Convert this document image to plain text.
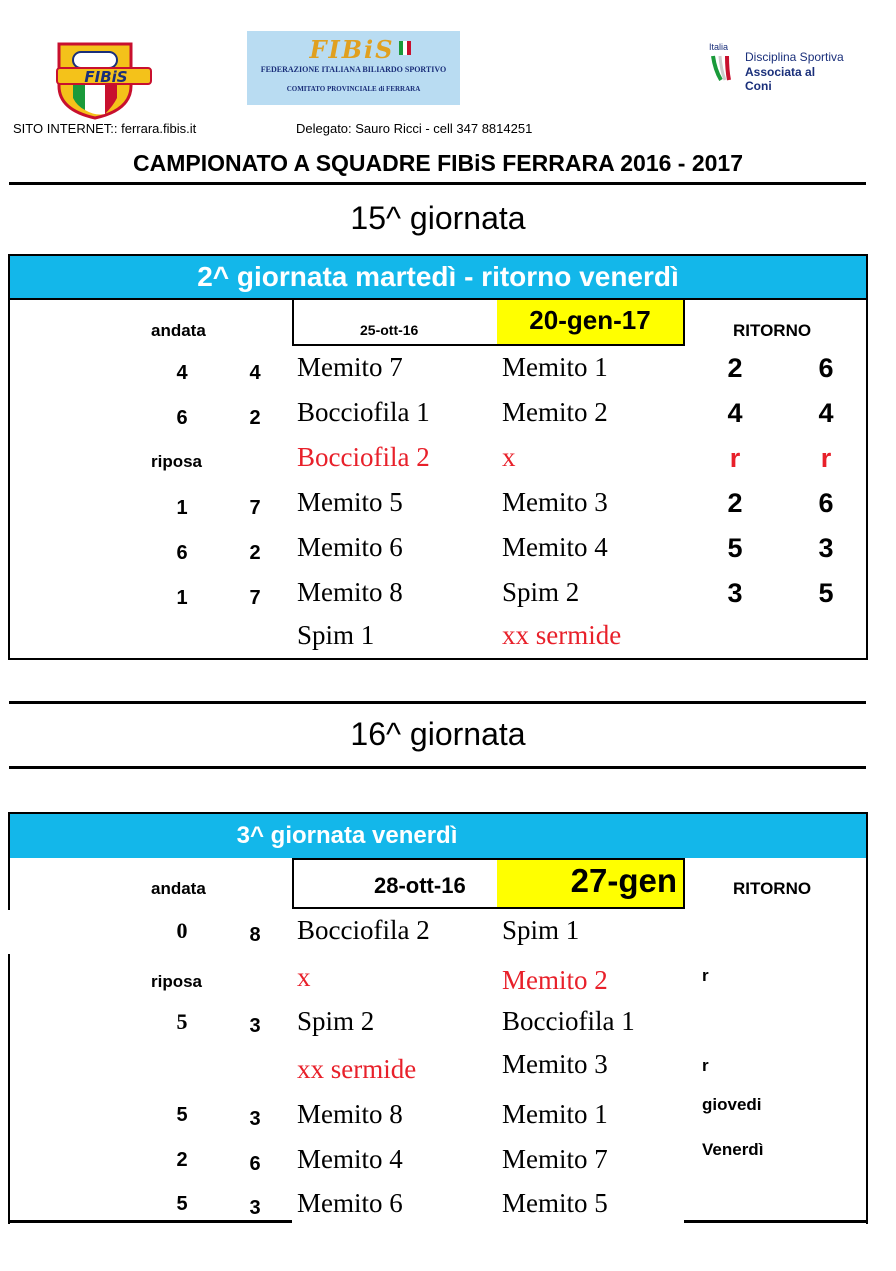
FIBiS
FIBiS
FEDERAZIONE ITALIANA BILIARDO SPORTIVO
COMITATO PROVINCIALE di FERRARA
Italia
Disciplina Sportiva
Associata al Coni
SITO INTERNET:: ferrara.fibis.it	Delegato: Sauro Ricci - cell 347 8814251
CAMPIONATO A SQUADRE FIBiS FERRARA 2016 - 2017
15^ giornata
2^ giornata martedì - ritorno venerdì
andata	25-ott-16	20-gen-17	RITORNO
4	4	Memito 7	Memito 1	2	6
6	2	Bocciofila 1	Memito 2	4	4
riposa	Bocciofila 2	x	r	r
1	7	Memito 5	Memito 3	2	6
6	2	Memito 6	Memito 4	5	3
1	7	Memito 8	Spim 2	3	5
Spim 1	xx sermide
16^ giornata
3^ giornata venerdì
andata	28-ott-16	27-gen	RITORNO
0	8	Bocciofila 2	Spim 1
riposa	x	Memito 2	r
5	3	Spim 2	Bocciofila 1
xx sermide	Memito 3	r
5	3	Memito 8	Memito 1	giovedi
2	6	Memito 4	Memito 7	Venerdì
5	3	Memito 6	Memito 5
